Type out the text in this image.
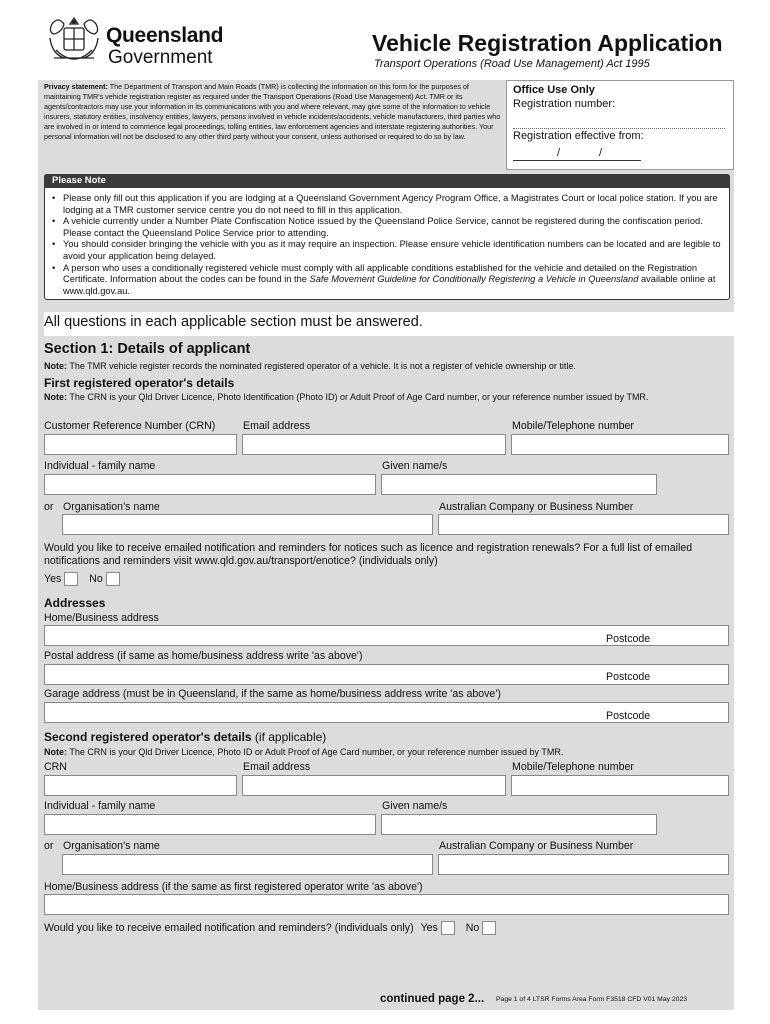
Queensland
Government
Vehicle Registration Application
Transport Operations (Road Use Management) Act 1995
Privacy statement: The Department of Transport and Main Roads (TMR) is collecting the information on this form for the purposes of maintaining TMR's vehicle registration register as required under the Transport Operations (Road Use Management) Act. TMR or its agents/contractors may use your information in its communications with you and where relevant, may give some of the information to vehicle insurers, statutory entities, insolvency entities, lawyers, persons involved in vehicle incidents/accidents, vehicle manufacturers, third parties who are involved in or intend to commence legal proceedings, tolling entities, law enforcement agencies and interstate registering authorities. Your personal information will not be disclosed to any other third party without your consent, unless authorised or required to do so by law.
Office Use Only
Registration number:
Registration effective from:
/	/
Please Note
• Please only fill out this application if you are lodging at a Queensland Government Agency Program Office, a Magistrates Court or local police station. If you are lodging at a TMR customer service centre you do not need to fill in this application.
• A vehicle currently under a Number Plate Confiscation Notice issued by the Queensland Police Service, cannot be registered during the confiscation period. Please contact the Queensland Police Service prior to attending.
• You should consider bringing the vehicle with you as it may require an inspection. Please ensure vehicle identification numbers can be located and are legible to avoid your application being delayed.
• A person who uses a conditionally registered vehicle must comply with all applicable conditions established for the vehicle and detailed on the Registration Certificate. Information about the codes can be found in the Safe Movement Guideline for Conditionally Registering a Vehicle in Queensland available online at www.qld.gov.au.
All questions in each applicable section must be answered.
Section 1: Details of applicant
Note: The TMR vehicle register records the nominated registered operator of a vehicle. It is not a register of vehicle ownership or title.
First registered operator's details
Note: The CRN is your Qld Driver Licence, Photo Identification (Photo ID) or Adult Proof of Age Card number, or your reference number issued by TMR.
Customer Reference Number (CRN)	Email address	Mobile/Telephone number
Individual - family name	Given name/s
or Organisation's name	Australian Company or Business Number
Would you like to receive emailed notification and reminders for notices such as licence and registration renewals? For a full list of emailed notifications and reminders visit www.qld.gov.au/transport/enotice? (individuals only)
Yes	No
Addresses
Home/Business address
Postcode
Postal address (if same as home/business address write 'as above')
Postcode
Garage address (must be in Queensland, if the same as home/business address write 'as above')
Postcode
Second registered operator's details (if applicable)
Note: The CRN is your Qld Driver Licence, Photo ID or Adult Proof of Age Card number, or your reference number issued by TMR.
CRN	Email address	Mobile/Telephone number
Individual - family name	Given name/s
or Organisation's name	Australian Company or Business Number
Home/Business address (if the same as first registered operator write 'as above')
Would you like to receive emailed notification and reminders? (individuals only) Yes	No
continued page 2... Page 1 of 4 LTSR Forms Area Form F3518 CFD V01 May 2023
